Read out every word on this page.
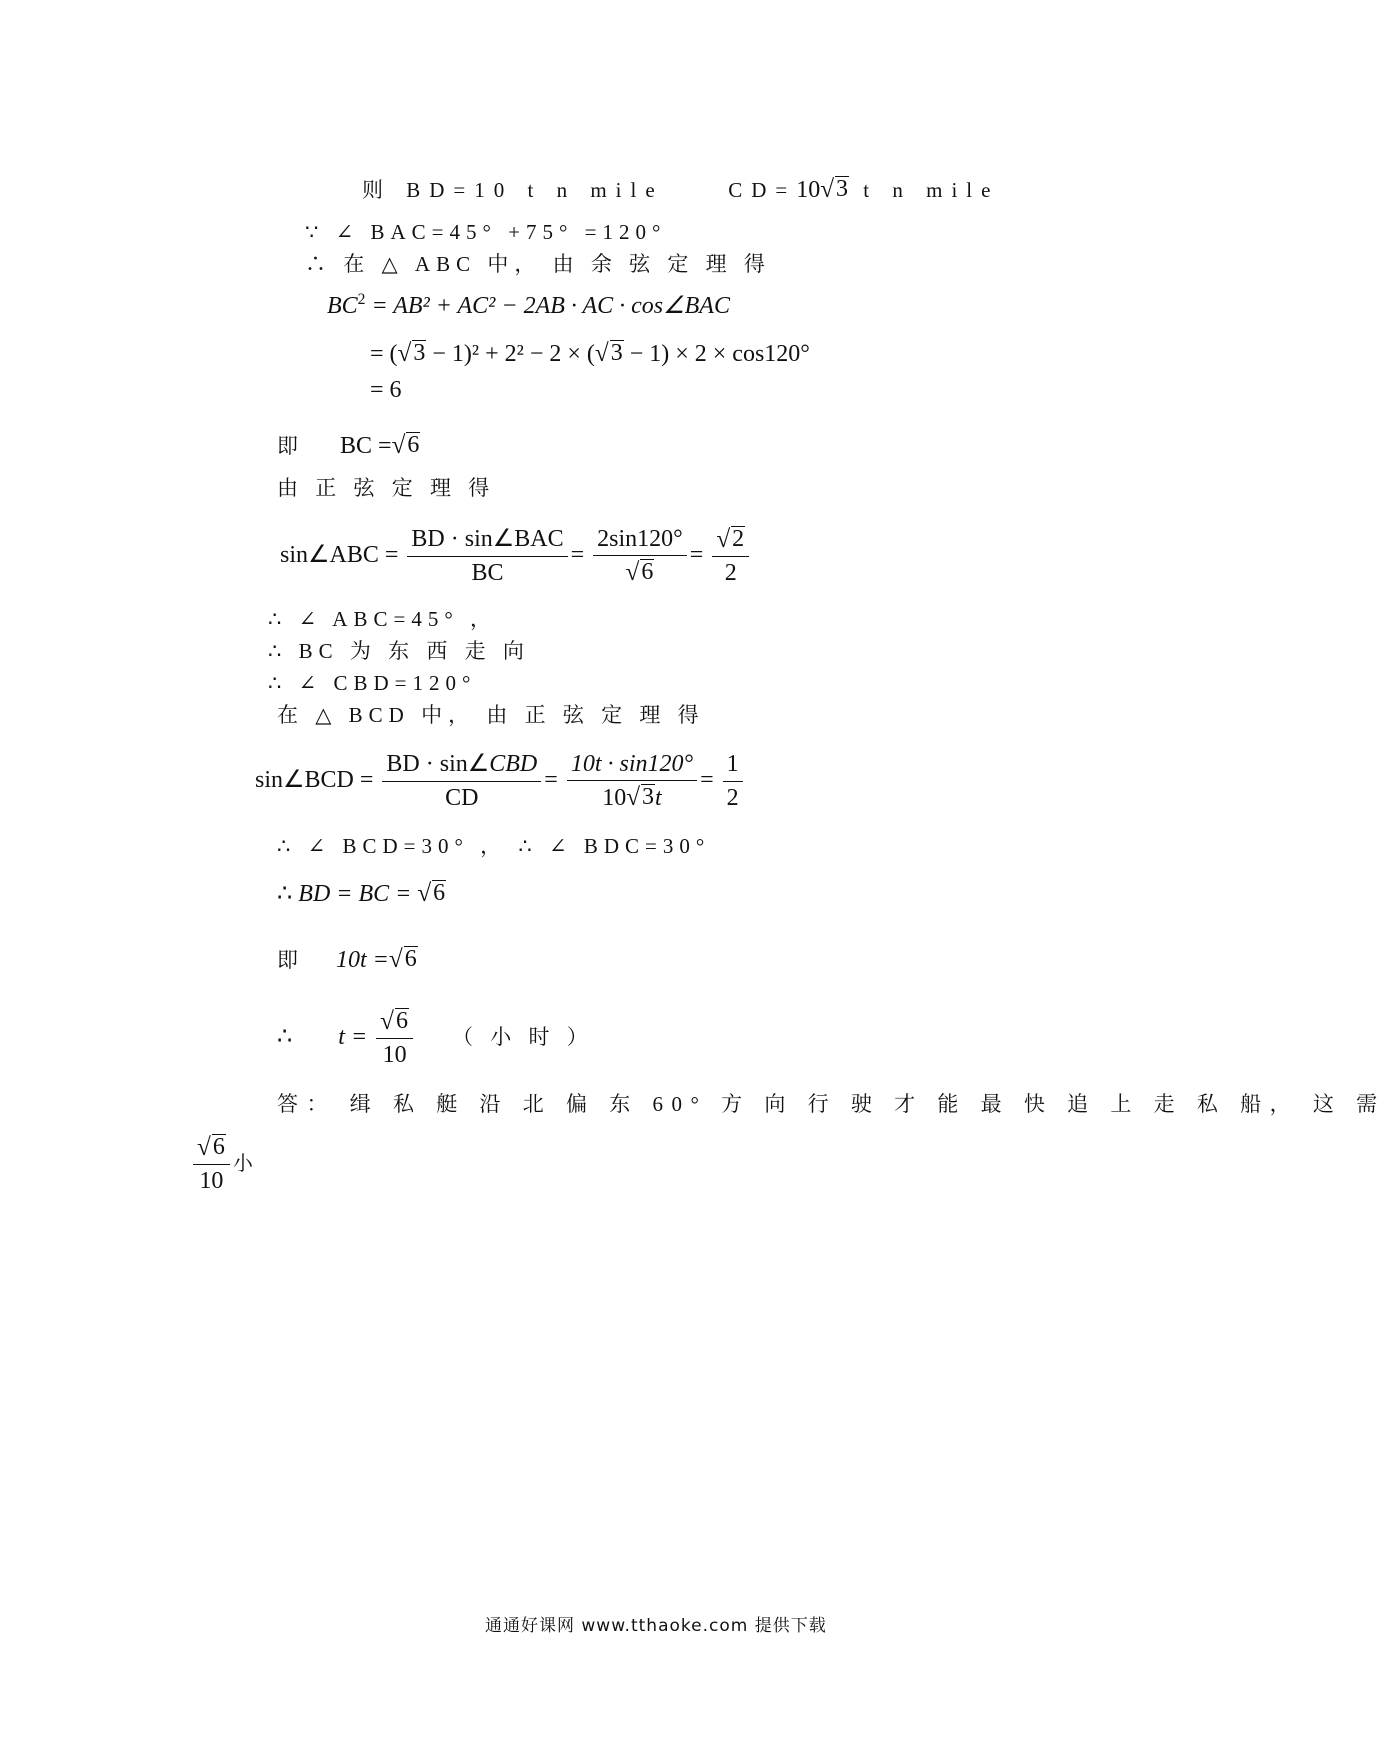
则 BD=10 t n mile	CD=10 √ 3 t n mile
∵ ∠ BAC=45° +75° =120°
∴ 在 △ ABC 中， 由 余 弦 定 理 得
$BC^2 = AB^2 + AC^2 - 2AB$ · AC · cos∠BAC
= ( √ 3 − 1)² + 2² − 2 × ( √ 3 − 1) × 2 × cos120°
= 6
即 BC = √ 6
由 正 弦 定 理 得
sin∠ABC = $\frac{\text{BD · sin∠BAC}}{BC} = \frac{2\sin 120^\circ}{√ 6} = \frac{√ 2}{2}$
∴ ∠ ABC=45° ，
∴ BC 为 东 西 走 向
∴ ∠ CBD=120°
在 △ BCD 中， 由 正 弦 定 理 得
sin∠BCD = $\frac{\text{BD · sin∠CBD}}{CD} = \frac{10t \cdot \sin 120^\circ}{10 √ 3 t} = \frac{1}{2}$
∴ ∠ BCD=30° ， ∴ ∠ BDC=30°
∴ BD = BC = √ 6
即 10t = √ 6
∴ $t = \frac{√ 6}{10}$ （ 小 时 ）
答： 缉 私 艇 沿 北 偏 东 60° 方 向 行 驶 才 能 最 快 追 上 走 私 船， 这 需
$\frac{√ 6}{10}$ 小
通通好课网 www.tthaoke.com 提供下载
